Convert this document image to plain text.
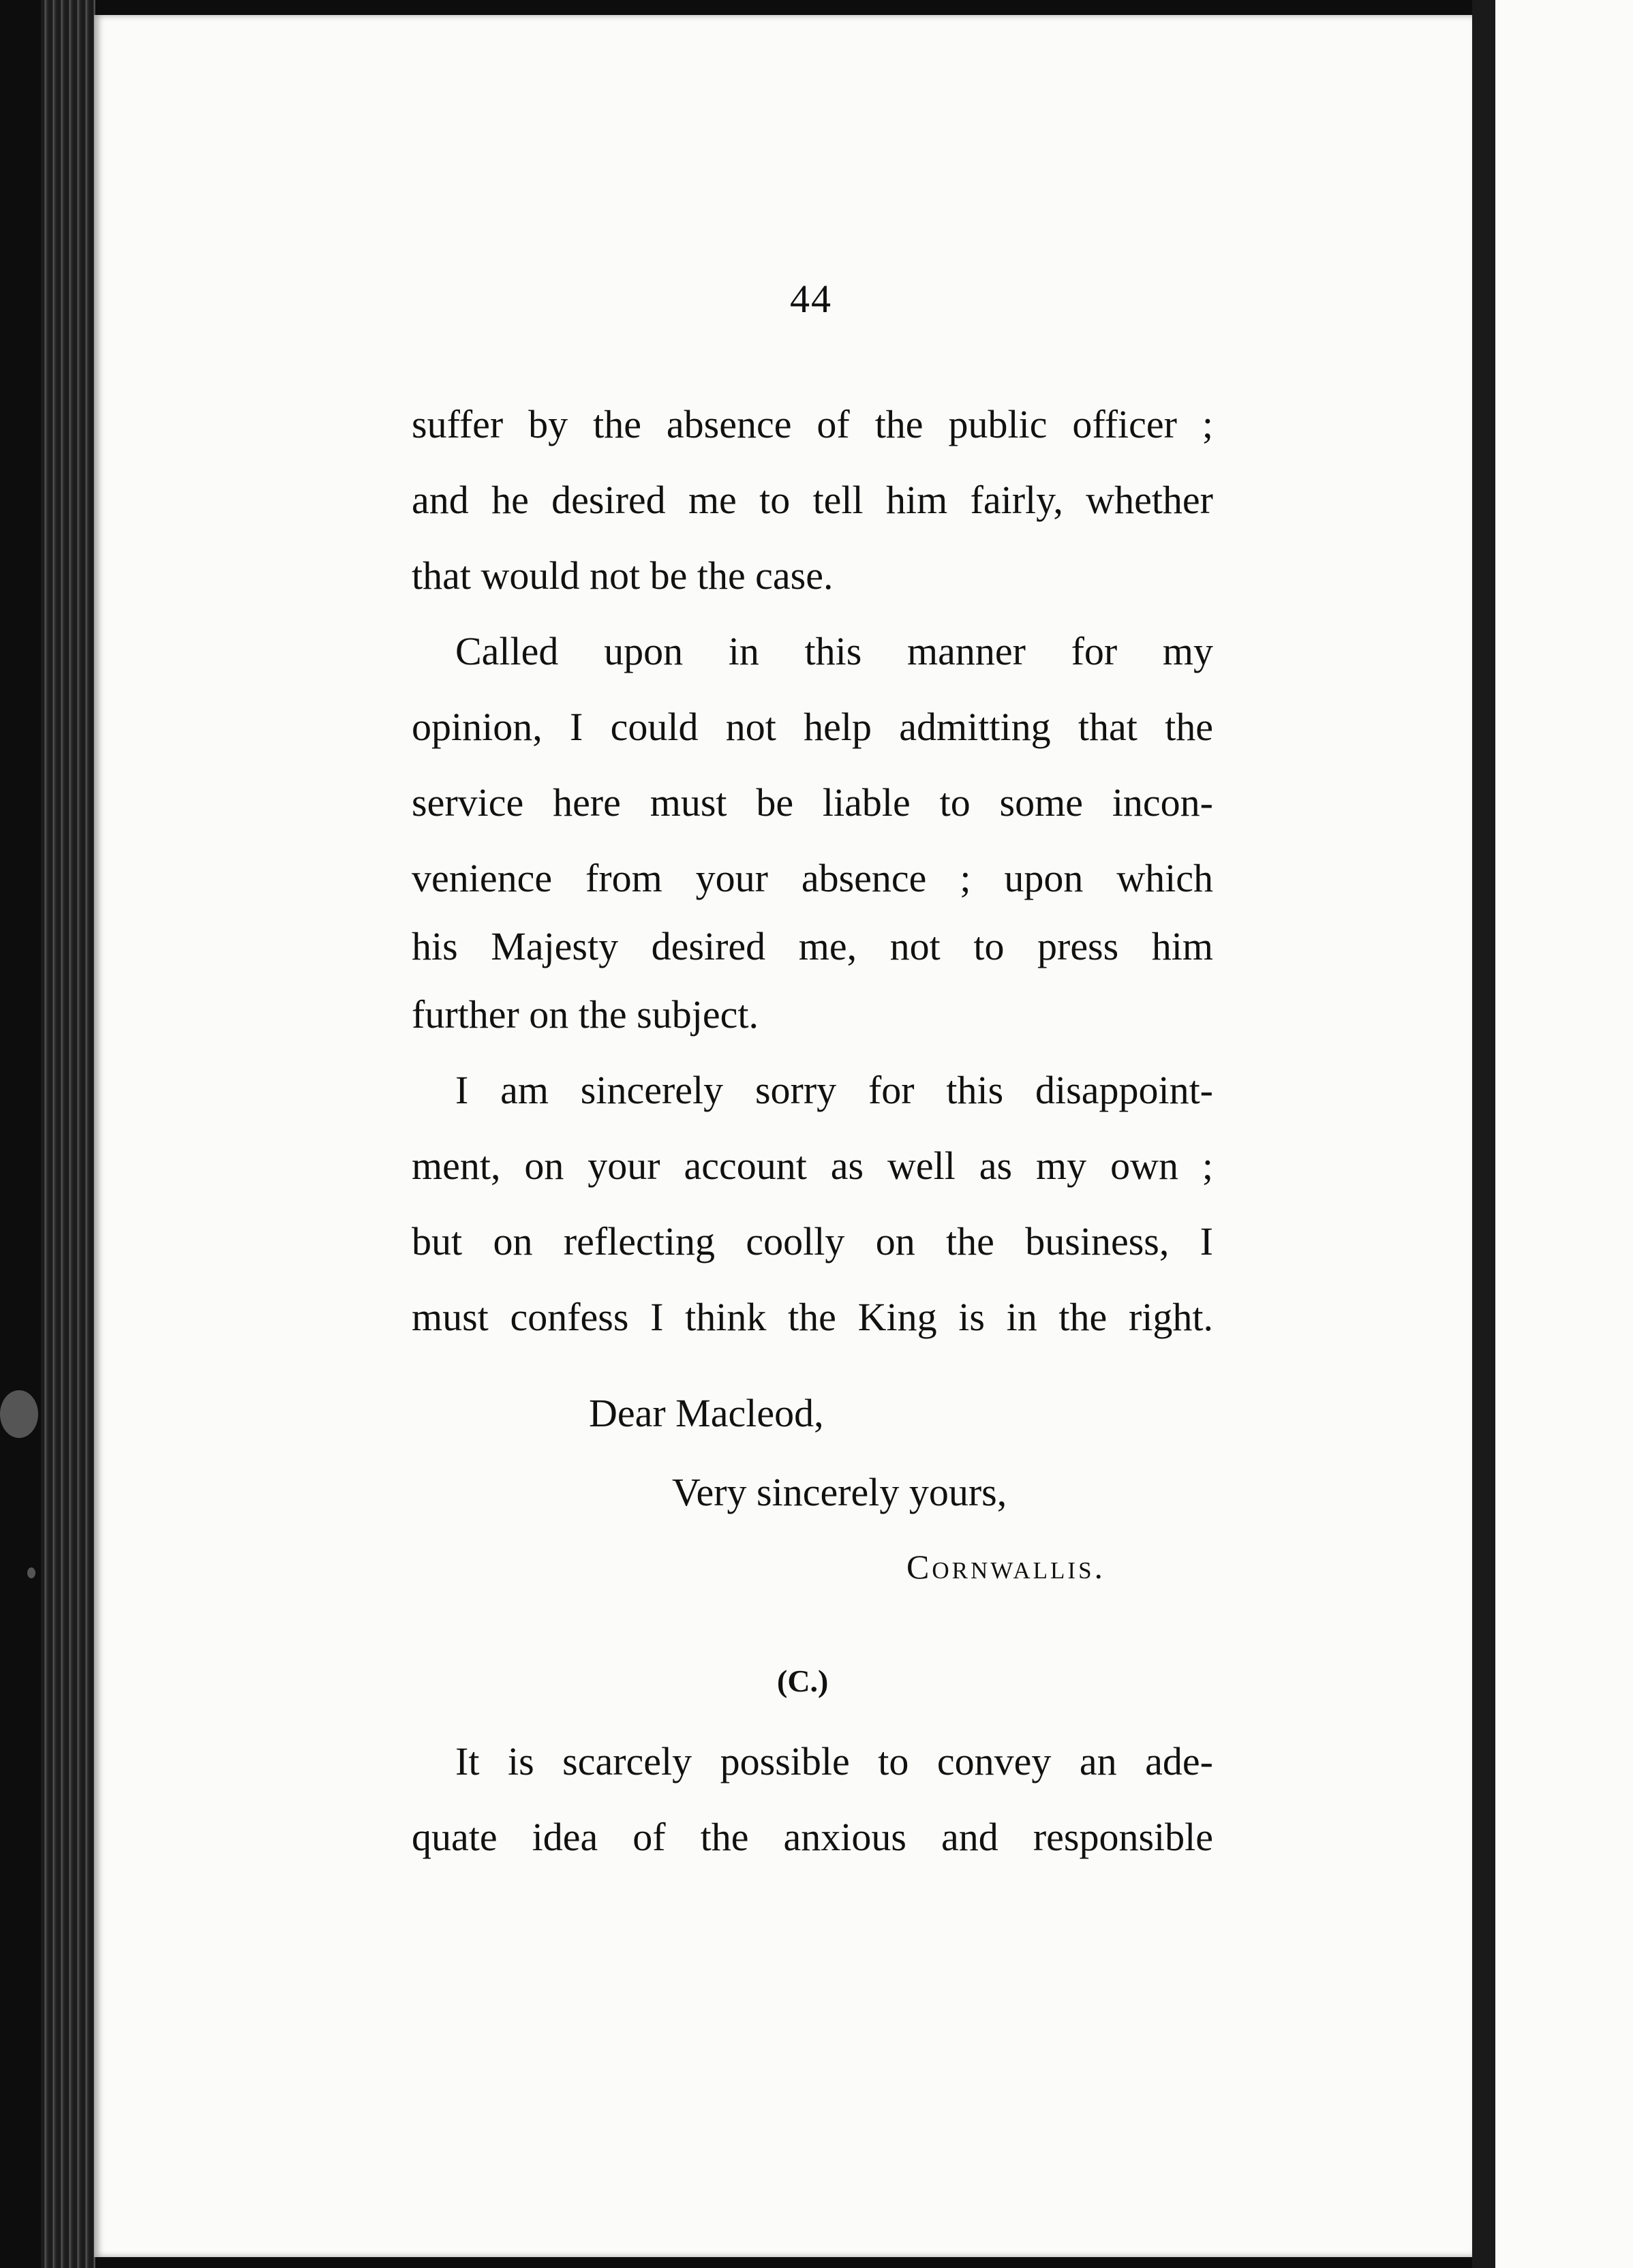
44
suffer by the absence of the public officer ;
and he desired me to tell him fairly, whether
that would not be the case.
Called upon in this manner for my
opinion, I could not help admitting that the
service here must be liable to some incon-
venience from your absence ; upon which
his Majesty desired me, not to press him
further on the subject.
I am sincerely sorry for this disappoint-
ment, on your account as well as my own ;
but on reflecting coolly on the business, I
must confess I think the King is in the right.
Dear Macleod,
Very sincerely yours,
Cornwallis.
(C.)
It is scarcely possible to convey an ade-
quate idea of the anxious and responsible
